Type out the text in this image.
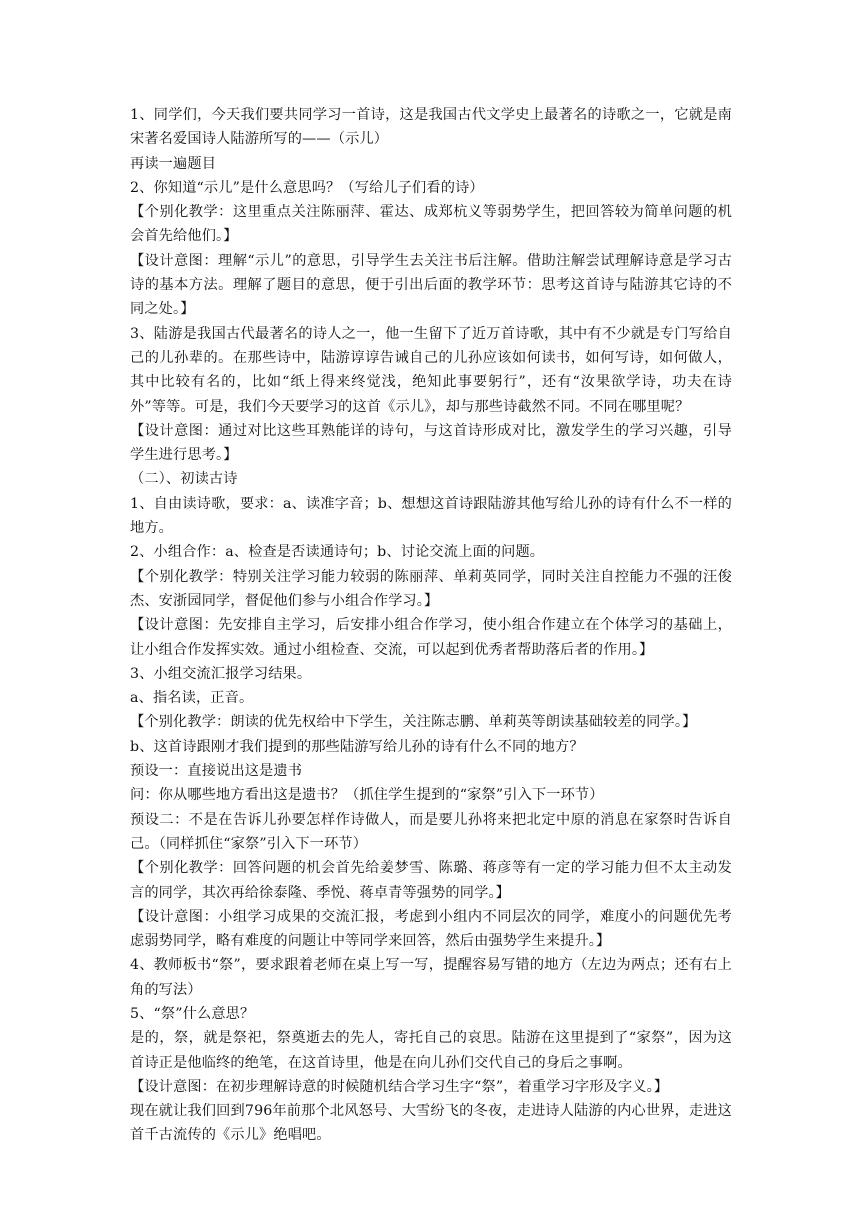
1、同学们，今天我们要共同学习一首诗，这是我国古代文学史上最著名的诗歌之一，它就是南宋著名爱国诗人陆游所写的——（示儿）

再读一遍题目

2、你知道“示儿”是什么意思吗？（写给儿子们看的诗）

【个别化教学：这里重点关注陈丽萍、霍达、成郑杭义等弱势学生，把回答较为简单问题的机会首先给他们。】

【设计意图：理解“示儿”的意思，引导学生去关注书后注解。借助注解尝试理解诗意是学习古诗的基本方法。理解了题目的意思，便于引出后面的教学环节：思考这首诗与陆游其它诗的不同之处。】

3、陆游是我国古代最著名的诗人之一，他一生留下了近万首诗歌，其中有不少就是专门写给自己的儿孙辈的。在那些诗中，陆游谆谆告诫自己的儿孙应该如何读书，如何写诗，如何做人，其中比较有名的，比如“纸上得来终觉浅，绝知此事要躬行”，还有“汝果欲学诗，功夫在诗外”等等。可是，我们今天要学习的这首《示儿》，却与那些诗截然不同。不同在哪里呢？

【设计意图：通过对比这些耳熟能详的诗句，与这首诗形成对比，激发学生的学习兴趣，引导学生进行思考。】

（二）、初读古诗

1、自由读诗歌，要求：a、读准字音；b、想想这首诗跟陆游其他写给儿孙的诗有什么不一样的地方。

2、小组合作：a、检查是否读通诗句；b、讨论交流上面的问题。

【个别化教学：特别关注学习能力较弱的陈丽萍、单莉英同学，同时关注自控能力不强的汪俊杰、安浙园同学，督促他们参与小组合作学习。】

【设计意图：先安排自主学习，后安排小组合作学习，使小组合作建立在个体学习的基础上，让小组合作发挥实效。通过小组检查、交流，可以起到优秀者帮助落后者的作用。】

3、小组交流汇报学习结果。

a、指名读，正音。

【个别化教学：朗读的优先权给中下学生，关注陈志鹏、单莉英等朗读基础较差的同学。】

b、这首诗跟刚才我们提到的那些陆游写给儿孙的诗有什么不同的地方？

预设一：直接说出这是遗书

问：你从哪些地方看出这是遗书？（抓住学生提到的“家祭”引入下一环节）

预设二：不是在告诉儿孙要怎样作诗做人，而是要儿孙将来把北定中原的消息在家祭时告诉自己。（同样抓住“家祭”引入下一环节）

【个别化教学：回答问题的机会首先给姜梦雪、陈璐、蒋彦等有一定的学习能力但不太主动发言的同学，其次再给徐泰隆、季悦、蒋卓青等强势的同学。】

【设计意图：小组学习成果的交流汇报，考虑到小组内不同层次的同学，难度小的问题优先考虑弱势同学，略有难度的问题让中等同学来回答，然后由强势学生来提升。】

4、教师板书“祭”，要求跟着老师在桌上写一写，提醒容易写错的地方（左边为两点；还有右上角的写法）

5、“祭”什么意思？

是的，祭，就是祭祀，祭奠逝去的先人，寄托自己的哀思。陆游在这里提到了“家祭”，因为这首诗正是他临终的绝笔，在这首诗里，他是在向儿孙们交代自己的身后之事啊。

【设计意图：在初步理解诗意的时候随机结合学习生字“祭”，着重学习字形及字义。】

现在就让我们回到796年前那个北风怒号、大雪纷飞的冬夜，走进诗人陆游的内心世界，走进这首千古流传的《示儿》绝唱吧。
